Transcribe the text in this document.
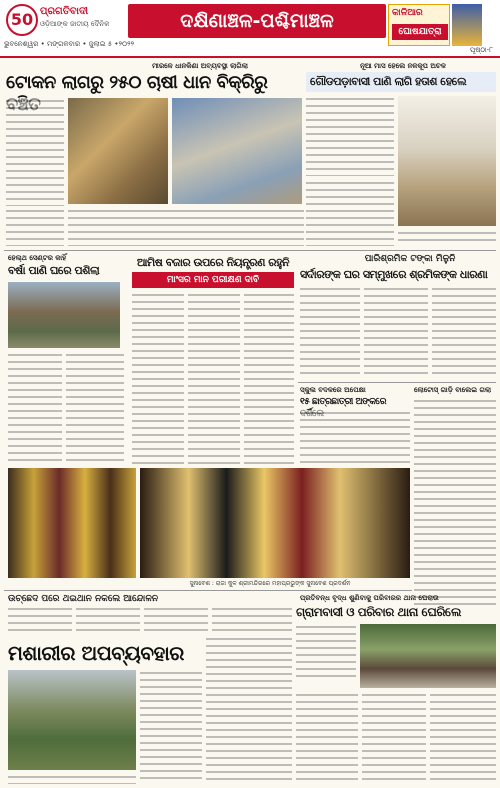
50 ପ୍ରଗତିବାଦୀ
ଓଡ଼ିଆଙ୍କ ଜାତୀୟ ଦୈନିକ
ଭୁବନେଶ୍ୱର • ମଙ୍ଗଳବାର • ଜୁଲାଇ ୫ •୨୦୨୨
ଦକ୍ଷିଣାଞ୍ଚଳ-ପଶ୍ଚିମାଞ୍ଚଳ	କାଳିଆର
ଘୋଷଯାତ୍ରା
ପୃଷ୍ଠା-୮
ମୀରଳେ ଧାନକିଣା ଅବ୍ୟବସ୍ଥା ଲାଗିଲା
ଟୋକନ ଲାଗରୁ ୨୫୦ ଚାଷୀ ଧାନ ବିକ୍ରିରୁ
ନୂଆ ମାସ ହେଲେ ନଳକୂପ ଅଚଳ
ଗୌଡପଡ଼ାବାସୀ ପାଣି ଲାଗି ହତାଶ ହେଲେ
ହେଲ୍ଥ ସେଣ୍ଟର କାହିଁ
ବର୍ଷା ପାଣି ଘରେ ପଶିଲା
ଆମିଷ ବଜାର ଉପରେ ନିୟନ୍ତ୍ରଣ ରହୁନି
ମାଂସର ମାନ ପରୀକ୍ଷଣ ଦାବି
ପାରିଶ୍ରମିକ ଟଙ୍କା ମିଳୁନି
ସର୍ଦାରଙ୍କ ଘର ସମ୍ମୁଖରେ ଶ୍ରମିକଙ୍କ ଧାରଣା
ସ୍କୁଲ ବଦଳରେ ଅପେକ୍ଷା
୧୫ ଛାତ୍ରଛାତ୍ରୀ ଅଙ୍କରେ
ଲୋଟୋସ୍ ଗାଡ଼ି ବାଲେଇ ଗଲା
ସୁନାବେଶ : ରାଜା କୁଳ ଶ୍ରୀମନ୍ଦିରରେ ମହାପ୍ରଭୁଙ୍କ ସୁନାବେଶ ପ୍ରଦର୍ଶନ
ଉଚ୍ଛେଦ ପରେ ଥଇଥାନ ନକଲେ ଆନ୍ଦୋଳନ
ମଶାରୀର ଅପବ୍ୟବହାର
ପ୍ରତିବନ୍ଧ ବୃଦ୍ଧ ଶୁଣିବାକୁ ପରିବାରର ଥାନା ଘେରାଉ
ଗ୍ରାମବାସୀ ଓ ପରିବାର ଥାନା ଘେରିଲେ
